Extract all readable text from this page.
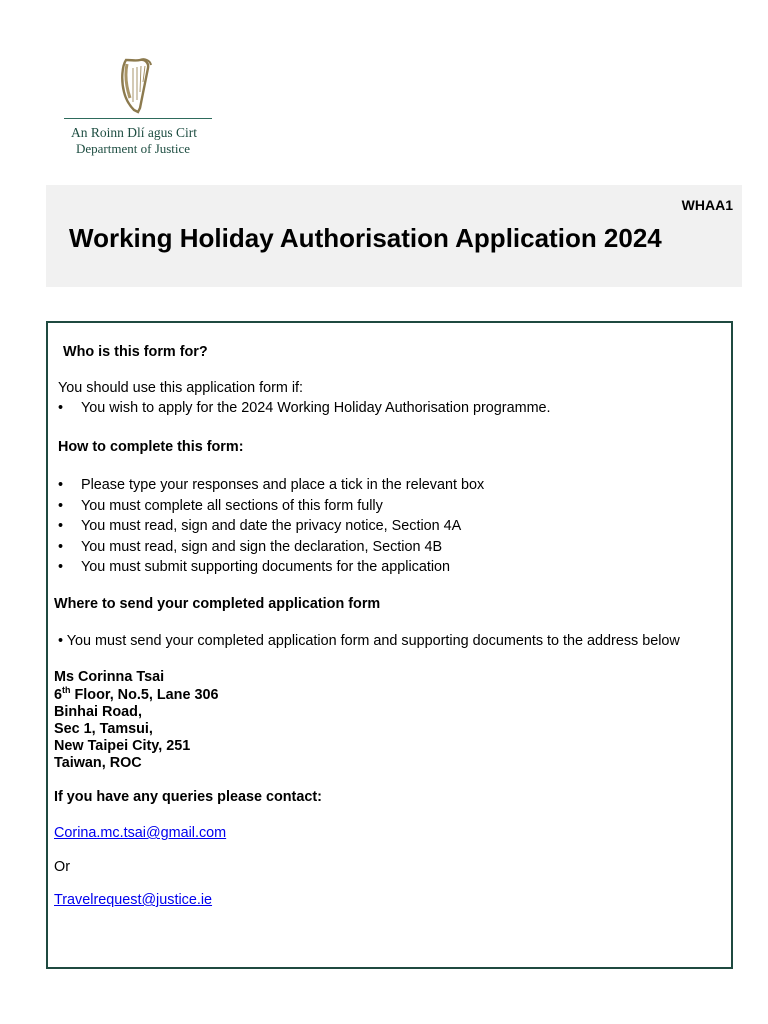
An Roinn Dlí agus Cirt
Department of Justice
WHAA1
Working Holiday Authorisation Application 2024
Who is this form for?
You should use this application form if:
• You wish to apply for the 2024 Working Holiday Authorisation programme.
How to complete this form:
• Please type your responses and place a tick in the relevant box
• You must complete all sections of this form fully
• You must read, sign and date the privacy notice, Section 4A
• You must read, sign and sign the declaration, Section 4B
• You must submit supporting documents for the application
Where to send your completed application form
• You must send your completed application form and supporting documents to the address below
Ms Corinna Tsai
6th Floor, No.5, Lane 306
Binhai Road,
Sec 1, Tamsui,
New Taipei City, 251
Taiwan, ROC
If you have any queries please contact:
Corina.mc.tsai@gmail.com
Or
Travelrequest@justice.ie
